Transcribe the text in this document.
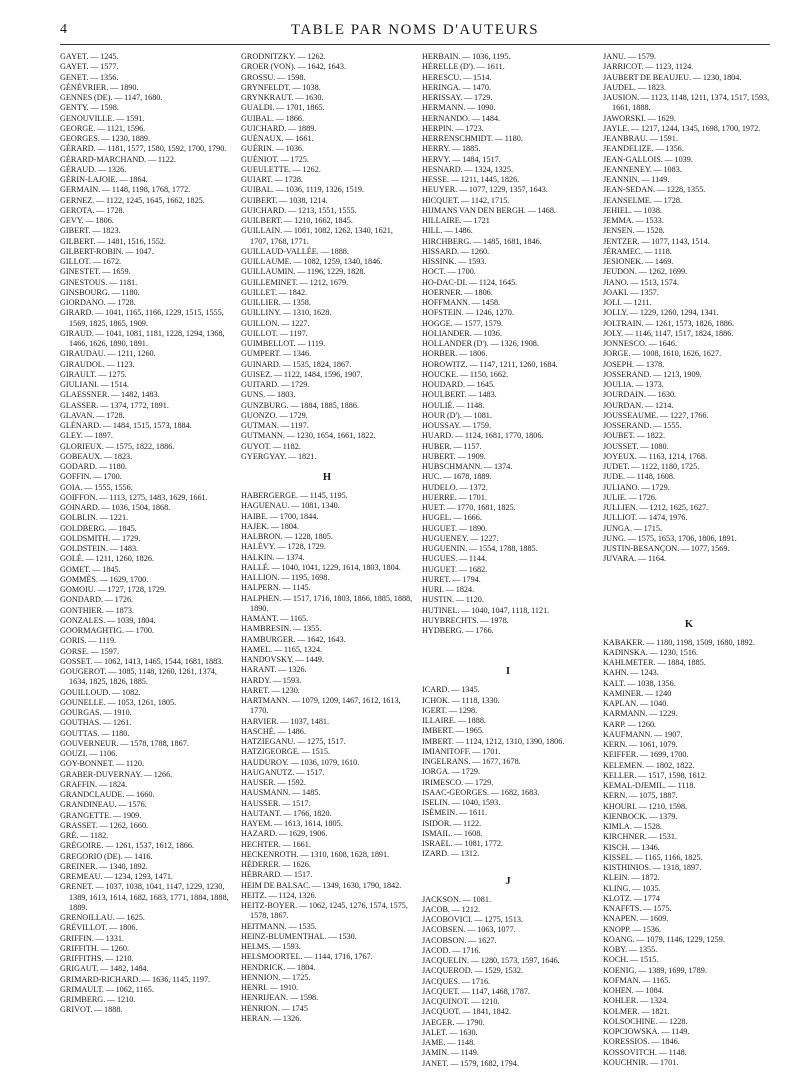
4	TABLE PAR NOMS D'AUTEURS
GAYET. — 1245.
GAYET. — 1577.
GENET. — 1356.
GÉNÉVRIER. — 1890.
GENNES (DE). — 1147, 1680.
GENTY. — 1598.
GENOUVILLE. — 1591.
GEORGE. — 1121, 1596.
GEORGES. — 1230, 1889.
GÉRARD. — 1181, 1577, 1580, 1592, 1700, 1790.
GÉRARD-MARCHAND. — 1122.
GÉRAUD. — 1326.
GÉRIN-LAJOIE. — 1864.
GERMAIN. — 1148, 1198, 1768, 1772.
GERNEZ. — 1122, 1245, 1645, 1662, 1825.
GEROTA. — 1728.
GEVY. — 1806.
GIBERT. — 1823.
GILBERT. — 1481, 1516, 1552.
GILBERT-ROBIN. — 1047.
GILLOT. — 1672.
GINESTET. — 1659.
GINESTOUS. — 1181.
GINSBOURG. — 1180.
GIORDANO. — 1728.
GIRARD. — 1041, 1165, 1166, 1229, 1515, 1555, 1569, 1825, 1865, 1909.
GIRAUD. — 1041, 1081, 1181, 1228, 1294, 1368, 1466, 1626, 1890, 1891.
GIRAUDAU. — 1211, 1260.
GIRAUDOL. — 1123.
GIRAULT. — 1275.
GIULIANI. — 1514.
GLAESSNER. — 1482, 1483.
GLASSER. — 1374, 1772, 1891.
GLAVAN. — 1728.
GLÉNARD. — 1484, 1515, 1573, 1884.
GLEY. — 1897.
GLORIEUX. — 1575, 1822, 1886.
GOBEAUX. — 1823.
GODARD. — 1180.
GOFFIN. — 1700.
GOIA. — 1555, 1556.
GOIFFON. — 1113, 1275, 1483, 1629, 1661.
GOINARD. — 1036, 1504, 1868.
GOLBLIN. — 1221.
GOLDBERG. — 1845.
GOLDSMITH. — 1729.
GOLDSTEIN. — 1483.
GOLÉ. — 1211, 1260, 1826.
GOMET. — 1845.
GOMMÈS. — 1629, 1700.
GOMOIU. — 1727, 1728, 1729.
GONDARD. — 1726.
GONTHIER. — 1873.
GONZALES. — 1039, 1804.
GOORMAGHTIG. — 1700.
GORIS. — 1119.
GORSE. — 1597.
GOSSET. — 1062, 1413, 1465, 1544, 1681, 1883.
GOUGEROT. — 1085, 1148, 1260, 1261, 1374, 1634, 1825, 1826, 1885.
GOUILLOUD. — 1082.
GOUNELLE. — 1053, 1261, 1805.
GOURGAS. — 1910.
GOUTHAS. — 1261.
GOUTTAS. — 1180.
GOUVERNEUR. — 1578, 1788, 1867.
GOUZI. — 1106.
GOY-BONNET. — 1120.
GRABER-DUVERNAY. — 1266.
GRAFFIN. — 1824.
GRANDCLAUDE. — 1660.
GRANDINEAU. — 1576.
GRANGETTE. — 1909.
GRASSET. — 1262, 1660.
GRÉ. — 1182.
GRÉGOIRE. — 1261, 1537, 1612, 1866.
GREGORIO (DE). — 1416.
GREINER. — 1340, 1892.
GREMEAU. — 1234, 1293, 1471.
GRENET. — 1037, 1038, 1041, 1147, 1229, 1230, 1389, 1613, 1614, 1682, 1683, 1771, 1884, 1888, 1889.
GRENOILLAU. — 1625.
GRÉVILLOT. — 1806.
GRIFFIN. — 1331.
GRIFFITH. — 1260.
GRIFFITHS. — 1210.
GRIGAUT. — 1482, 1484.
GRIMARD-RICHARD. — 1636, 1145, 1197.
GRIMAULT. — 1062, 1165.
GRIMBERG. — 1210.
GRIVOT. — 1888.
GRODNITZKY. — 1262.
GROER (VON). — 1642, 1643.
GROSSU. — 1598.
GRYNFELDT. — 1038.
GRYNKRAUT. — 1630.
GUALDI. — 1701, 1865.
GUIBAL. — 1866.
GUICHARD. — 1889.
GUÉNAUX. — 1661.
GUÉRIN. — 1036.
GUÉNIOT. — 1725.
GUEULETTE. — 1262.
GUIART. — 1728.
GUIBAL. — 1036, 1119, 1326, 1519.
GUIBERT. — 1038, 1214.
GUICHARD. — 1213, 1551, 1555.
GUILBERT. — 1210, 1662, 1845.
GUILLAIN. — 1081, 1082, 1262, 1340, 1621, 1707, 1768, 1771.
GUILLAUD-VALLÉE. — 1888.
GUILLAUME. — 1082, 1259, 1340, 1846.
GUILLAUMIN. — 1196, 1229, 1828.
GUILLEMINET. — 1212, 1679.
GUILLET. — 1842.
GUILLIER. — 1358.
GUILLINY. — 1310, 1628.
GUILLON. — 1227.
GUILLOT. — 1197.
GUIMBELLOT. — 1119.
GUMPERT. — 1346.
GUINARD. — 1535, 1824, 1867.
GUISEZ. — 1122, 1484, 1596, 1907.
GUITARD. — 1729.
GUNS. — 1803.
GUNZBURG. — 1884, 1885, 1886.
GUONZO. — 1729.
GUTMAN. — 1197.
GUTMANN. — 1230, 1654, 1661, 1822.
GUYOT. — 1182.
GYERGYAY. — 1821.
H
HABERGERGE. — 1145, 1195.
HAGUENAU. — 1081, 1340.
HAIBE. — 1700, 1844.
HAJEK. — 1804.
HALBRON. — 1228, 1805.
HALÉVY. — 1728, 1729.
HALKIN. — 1374.
HALLÉ. — 1040, 1041, 1229, 1614, 1803, 1804.
HALLION. — 1195, 1698.
HALPERN. — 1145.
HALPHEN. — 1517, 1716, 1803, 1866, 1885, 1888, 1890.
HAMANT. — 1165.
HAMBRESIN. — 1355.
HAMBURGER. — 1642, 1643.
HAMEL. — 1165, 1324.
HANDOVSKY. — 1449.
HARANT. — 1326.
HARDY. — 1593.
HARET. — 1230.
HARTMANN. — 1079, 1209, 1467, 1612, 1613, 1770.
HARVIER. — 1037, 1481.
HASCHÉ. — 1486.
HATZIEGANU. — 1275, 1517.
HATZIGEORGE. — 1515.
HAUDUROY. — 1036, 1079, 1610.
HAUGANUTZ. — 1517.
HAUSER. — 1592.
HAUSMANN. — 1485.
HAUSSER. — 1517.
HAUTANT. — 1766, 1820.
HAYEM. — 1613, 1614, 1805.
HAZARD. — 1629, 1906.
HECHTER. — 1661.
HECKENROTH. — 1310, 1608, 1628, 1891.
HÉDERER. — 1626.
HÉBRARD. — 1517.
HEIM DE BALSAC. — 1349, 1630, 1790, 1842.
HEITZ. — 1124, 1326.
HEITZ-BOYER. — 1062, 1245, 1276, 1574, 1575, 1578, 1867.
HEITMANN. — 1535.
HEINZ-BLUMENTHAL. — 1530.
HELMS. — 1593.
HELSMOORTEL. — 1144, 1716, 1767.
HENDRICK. — 1804.
HENNION. — 1725.
HENRI. — 1910.
HENRIJEAN. — 1598.
HENRION. — 1745
HERAN. — 1326.
HERBAIN. — 1036, 1195.
HÉRELLE (D'). — 1611.
HERESCU. — 1514.
HERINGA. — 1470.
HERISSAY. — 1729.
HERMANN. — 1090.
HERNANDO. — 1484.
HERPIN. — 1723.
HERRENSCHMIDT. — 1180.
HERRY. — 1885.
HERVY. — 1484, 1517.
HESNARD. — 1324, 1325.
HESSE. — 1211, 1445, 1826.
HEUYER. — 1077, 1229, 1357, 1643.
HICQUET. — 1142, 1715.
HIJMANS VAN DEN BERGH. — 1468.
HILLAIRE. — 1721
HILL. — 1486.
HIRCHBERG. — 1485, 1681, 1846.
HISSARD. — 1260.
HISSINK. — 1593.
HOCT. — 1700.
HO-DAC-DI. — 1124, 1645.
HOERNER. — 1806.
HOFFMANN. — 1458.
HOFSTEIN. — 1246, 1270.
HOGGE. — 1577, 1579.
HOLIANDER. — 1036.
HOLLANDER (D'). — 1326, 1908.
HORBER. — 1806.
HOROWITZ. — 1147, 1211, 1260, 1684.
HOUCKE. — 1150, 1662.
HOUDARD. — 1645.
HOULBERT. — 1483.
HOULIÉ. — 1148.
HOUR (D'). — 1081.
HOUSSAY. — 1759.
HUARD. — 1124, 1681, 1770, 1806.
HUBER. — 1157.
HUBERT. — 1909.
HUBSCHMANN. — 1374.
HUC. — 1678, 1889.
HUDELO. — 1372.
HUERRE. — 1701.
HUET. — 1770, 1681, 1825.
HUGEL. — 1666.
HUGUET. — 1890.
HUGUENEY. — 1227.
HUGUENIN. — 1554, 1788, 1885.
HUGUES. — 1144.
HUGUET. — 1682.
HURET. — 1794.
HURI. — 1824.
HUSTIN. — 1120.
HUTINEL. — 1040, 1047, 1118, 1121.
HUYBRECHTS. — 1978.
HYDBERG. — 1766.
I
ICARD. — 1345.
ICHOK. — 1118, 1330.
IGERT. — 1298.
ILLAIRE. — 1888.
IMBERT. — 1965.
IMBERT. — 1124, 1212, 1310, 1390, 1806.
IMIANITOFF. — 1701.
INGELRANS. — 1677, 1678.
IORGA. — 1729.
IRIMESCO. — 1729.
ISAAC-GEORGES. — 1682, 1683.
ISELIN. — 1040, 1593.
ISÉMEIN. — 1611.
ISIDOR. — 1122.
ISMAIL. — 1608.
ISRAEL. — 1081, 1772.
IZARD. — 1312.
J
JACKSON. — 1081.
JACOB. — 1212.
JACOBOVICI. — 1275, 1513.
JACOBSEN. — 1063, 1077.
JACOBSON. — 1627.
JACOD. — 1716.
JACQUELIN. — 1280, 1573, 1597, 1646.
JACQUEROD. — 1529, 1532.
JACQUES. — 1716.
JACQUET. — 1147, 1468, 1787.
JACQUINOT. — 1210.
JACQUOT. — 1841, 1842.
JAEGER. — 1790.
JALET. — 1630.
JAME. — 1148.
JAMIN. — 1149.
JANET. — 1579, 1682, 1794.
JANU. — 1579.
JARRICOT. — 1123, 1124.
JAUBERT DE BEAUJEU. — 1230, 1804.
JAUDEL. — 1823.
JAUSION. — 1123, 1148, 1211, 1374, 1517, 1593, 1661, 1888.
JAWORSKI. — 1629.
JAYLE. — 1217, 1244, 1345, 1698, 1700, 1972.
JEANBRAU. — 1591.
JEANDELIZE. — 1356.
JEAN-GALLOIS. — 1039.
JEANNENEY. — 1083.
JEANNIN. — 1149.
JEAN-SEDAN. — 1228, 1355.
JEANSELME. — 1728.
JEHIEL. — 1038.
JEMMA. — 1533.
JENSEN. — 1528.
JENTZER. — 1077, 1143, 1514.
JÉRAMEC. — 1118.
JESIONEK. — 1469.
JEUDON. — 1262, 1699.
JIANO. — 1513, 1574.
JOAKI. — 1357.
JOLI. — 1211.
JOLLY. — 1229, 1260, 1294, 1341.
JOLTRAIN. — 1261, 1573, 1826, 1886.
JOLY. — 1146, 1147, 1517, 1824, 1886.
JONNESCO. — 1646.
JORGE. — 1008, 1610, 1626, 1627.
JOSEPH. — 1378.
JOSSERAND. — 1213, 1909.
JOULIA. — 1373.
JOURDAIN. — 1630.
JOURDAN. — 1214.
JOUSSEAUME. — 1227, 1766.
JOSSERAND. — 1555.
JOUBET. — 1822.
JOUSSET. — 1080.
JOYEUX. — 1163, 1214, 1768.
JUDET. — 1122, 1180, 1725.
JUDE. — 1148, 1608.
JULIANO. — 1729.
JULIE. — 1726.
JULLIEN. — 1212, 1625, 1627.
JULLIOT. — 1474, 1976.
JUNGA. — 1715.
JUNG. — 1575, 1653, 1706, 1806, 1891.
JUSTIN-BESANÇON. — 1077, 1569.
JUVARA. — 1164.
K
KABAKER. — 1180, 1198, 1509, 1680, 1892.
KADINSKA. — 1230, 1516.
KAHLMETER. — 1884, 1885.
KAHN. — 1243.
KALT. — 1038, 1356.
KAMINER. — 1240
KAPLAN. — 1040.
KARMANN. — 1229.
KARP. — 1260.
KAUFMANN. — 1907.
KERN. — 1061, 1079.
KEIFFER. — 1699, 1700.
KELEMEN. — 1802, 1822.
KELLER. — 1517, 1598, 1612.
KEMAL-DJEMIL. — 1118.
KERN. — 1075, 1887.
KHOURI. — 1210, 1598.
KIENBOCK. — 1379.
KIMLA. — 1528.
KIRCHNER. — 1531.
KISCH. — 1346.
KISSEL. — 1165, 1166, 1825.
KISTHINIOS. — 1318, 1897.
KLEIN. — 1872.
KLING. — 1035.
KLOTZ. — 1774
KNAFFTS. — 1575.
KNAPEN. — 1609.
KNOPP. — 1536.
KOANG. — 1079, 1146, 1229, 1259.
KOBY. — 1355.
KOCH. — 1515.
KOENIG. — 1389, 1699, 1789.
KOFMAN. — 1165.
KOHEN. — 1084.
KOHLER. — 1324.
KOLMER. — 1821.
KOLSOCHINE. — 1228.
KOPCIOWSKA. — 1149.
KORESSIOS. — 1846.
KOSSOVITCH. — 1148.
KOUCHNIR. — 1701.
